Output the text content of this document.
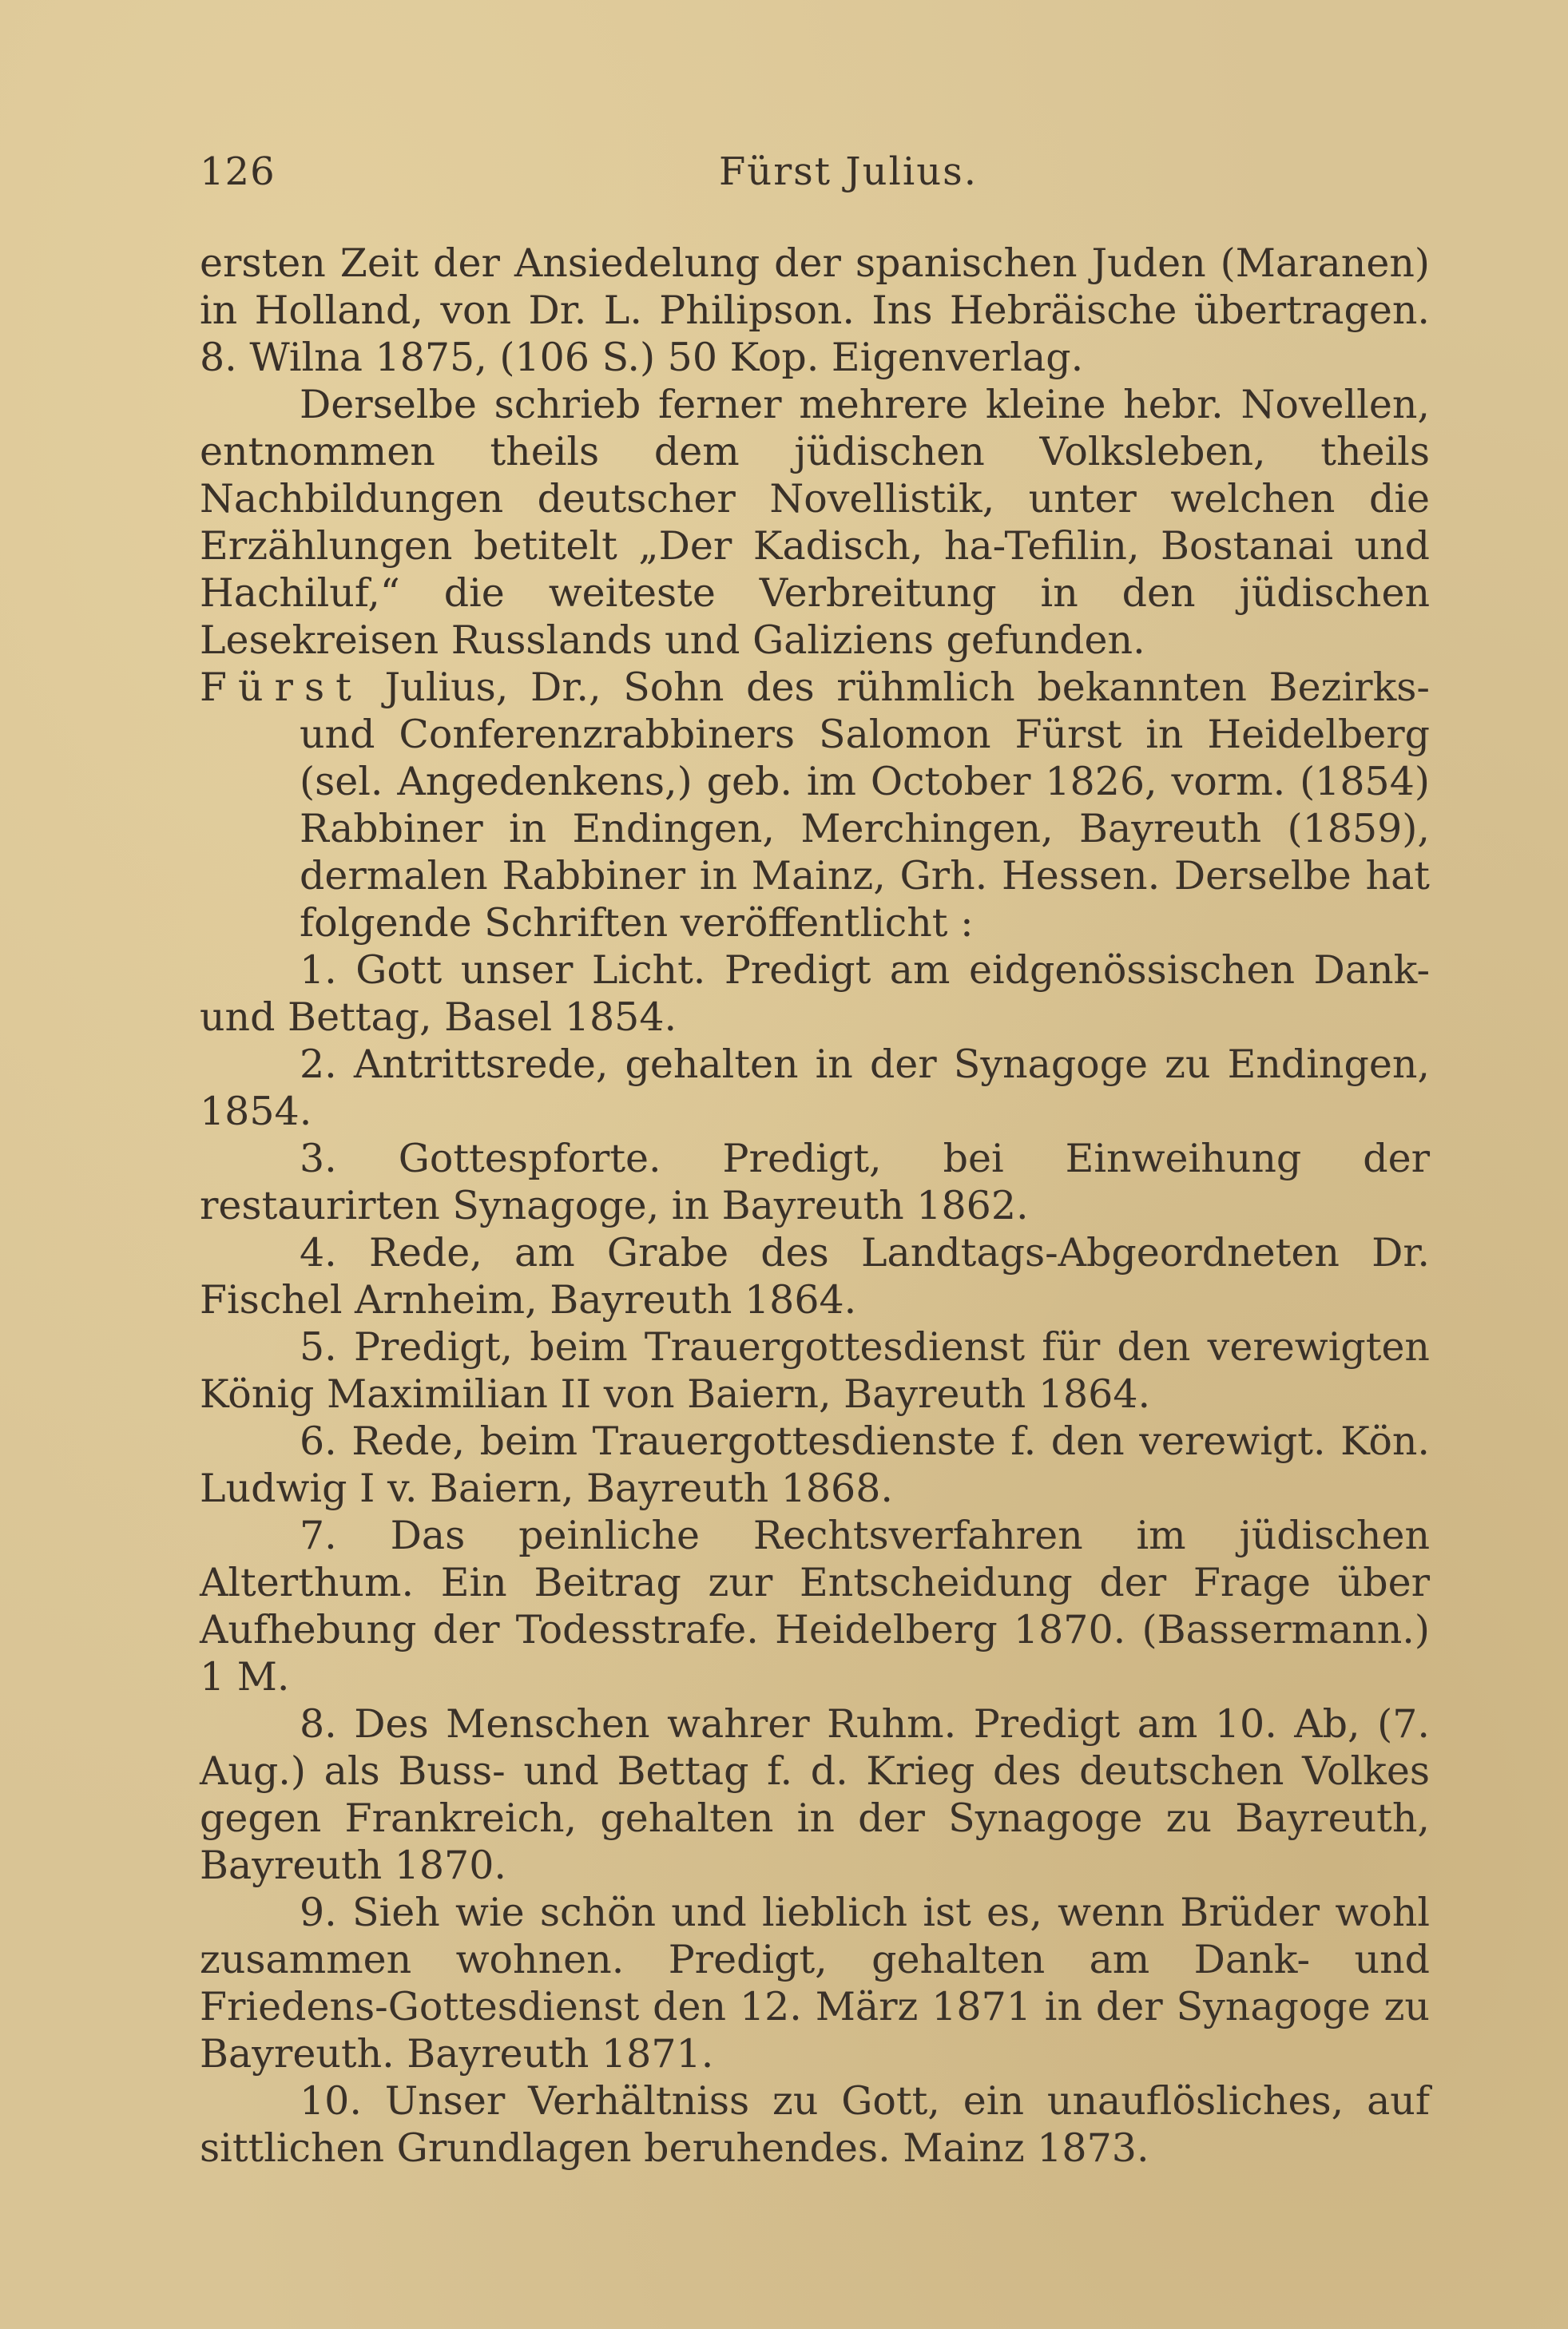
126	Fürst Julius.

ersten Zeit der Ansiedelung der spanischen Juden (Maranen) in Holland, von Dr. L. Philipson. Ins Hebräische übertragen. 8. Wilna 1875, (106 S.) 50 Kop. Eigenverlag.

Derselbe schrieb ferner mehrere kleine hebr. Novellen, entnommen theils dem jüdischen Volksleben, theils Nachbildungen deutscher Novellistik, unter welchen die Erzählungen betitelt „Der Kadisch, ha-Tefilin, Bostanai und Hachiluf,“ die weiteste Verbreitung in den jüdischen Lesekreisen Russlands und Galiziens gefunden.

Fürst Julius, Dr., Sohn des rühmlich bekannten Bezirks- und Conferenzrabbiners Salomon Fürst in Heidelberg (sel. Angedenkens,) geb. im October 1826, vorm. (1854) Rabbiner in Endingen, Merchingen, Bayreuth (1859), dermalen Rabbiner in Mainz, Grh. Hessen. Derselbe hat folgende Schriften veröffentlicht :

1. Gott unser Licht. Predigt am eidgenössischen Dank- und Bettag, Basel 1854.

2. Antrittsrede, gehalten in der Synagoge zu Endingen, 1854.

3. Gottespforte. Predigt, bei Einweihung der restaurirten Synagoge, in Bayreuth 1862.

4. Rede, am Grabe des Landtags-Abgeordneten Dr. Fischel Arnheim, Bayreuth 1864.

5. Predigt, beim Trauergottesdienst für den verewigten König Maximilian II von Baiern, Bayreuth 1864.

6. Rede, beim Trauergottesdienste f. den verewigt. Kön. Ludwig I v. Baiern, Bayreuth 1868.

7. Das peinliche Rechtsverfahren im jüdischen Alterthum. Ein Beitrag zur Entscheidung der Frage über Aufhebung der Todesstrafe. Heidelberg 1870. (Bassermann.) 1 M.

8. Des Menschen wahrer Ruhm. Predigt am 10. Ab, (7. Aug.) als Buss- und Bettag f. d. Krieg des deutschen Volkes gegen Frankreich, gehalten in der Synagoge zu Bayreuth, Bayreuth 1870.

9. Sieh wie schön und lieblich ist es, wenn Brüder wohl zusammen wohnen. Predigt, gehalten am Dank- und Friedens-Gottesdienst den 12. März 1871 in der Synagoge zu Bayreuth. Bayreuth 1871.

10. Unser Verhältniss zu Gott, ein unauflösliches, auf sittlichen Grundlagen beruhendes. Mainz 1873.
